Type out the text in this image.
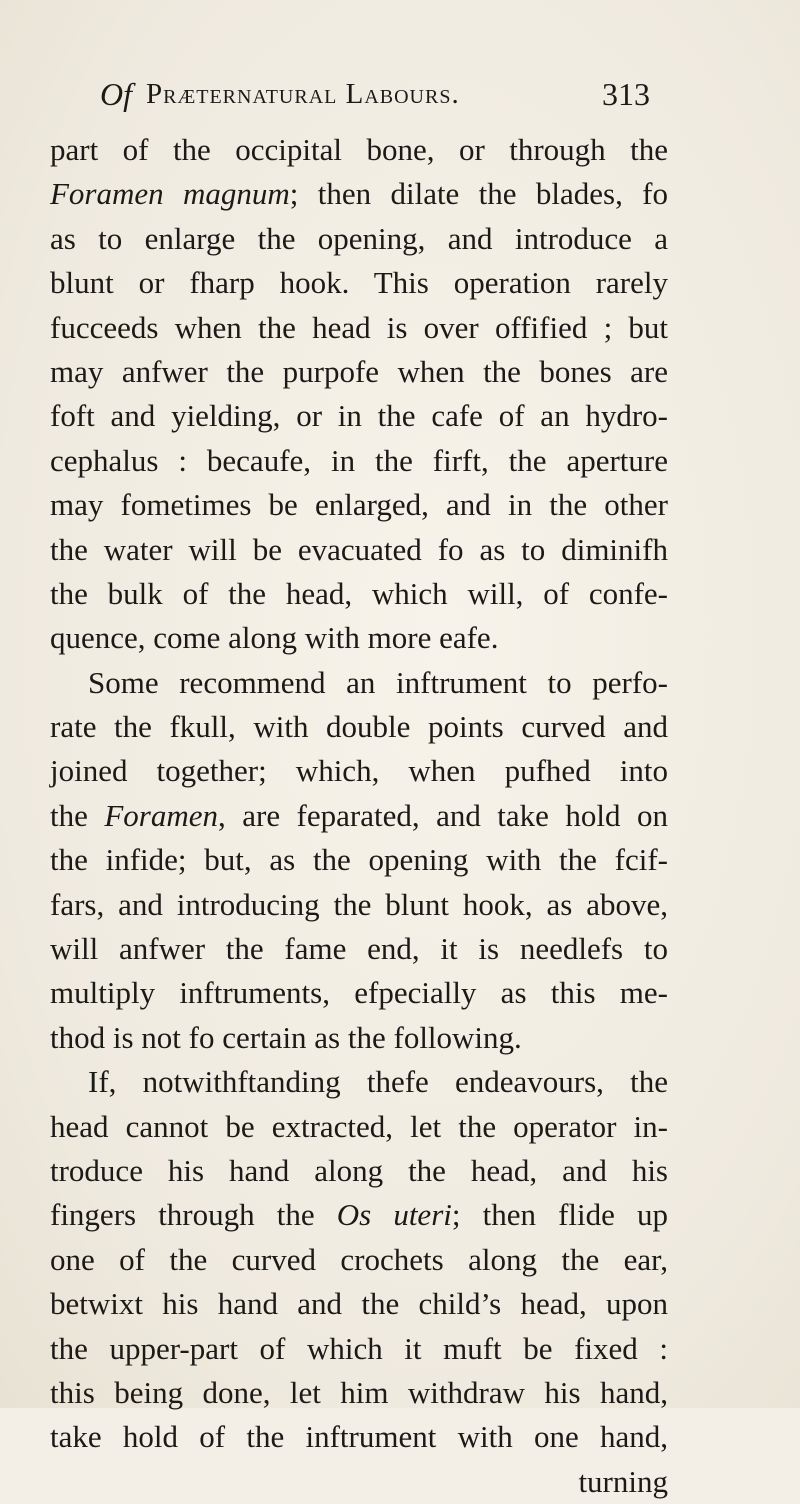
Of Præternatural Labours.	313
part of the occipital bone, or through the
Foramen magnum; then dilate the blades, fo
as to enlarge the opening, and introduce a
blunt or fharp hook. This operation rarely
fucceeds when the head is over offified ; but
may anfwer the purpofe when the bones are
foft and yielding, or in the cafe of an hydro-
cephalus : becaufe, in the firft, the aperture
may fometimes be enlarged, and in the other
the water will be evacuated fo as to diminifh
the bulk of the head, which will, of confe-
quence, come along with more eafe.
Some recommend an inftrument to perfo-
rate the fkull, with double points curved and
joined together; which, when pufhed into
the Foramen, are feparated, and take hold on
the infide; but, as the opening with the fcif-
fars, and introducing the blunt hook, as above,
will anfwer the fame end, it is needlefs to
multiply inftruments, efpecially as this me-
thod is not fo certain as the following.
If, notwithftanding thefe endeavours, the
head cannot be extracted, let the operator in-
troduce his hand along the head, and his
fingers through the Os uteri; then flide up
one of the curved crochets along the ear,
betwixt his hand and the child’s head, upon
the upper-part of which it muft be fixed :
this being done, let him withdraw his hand,
take hold of the inftrument with one hand,
turning
